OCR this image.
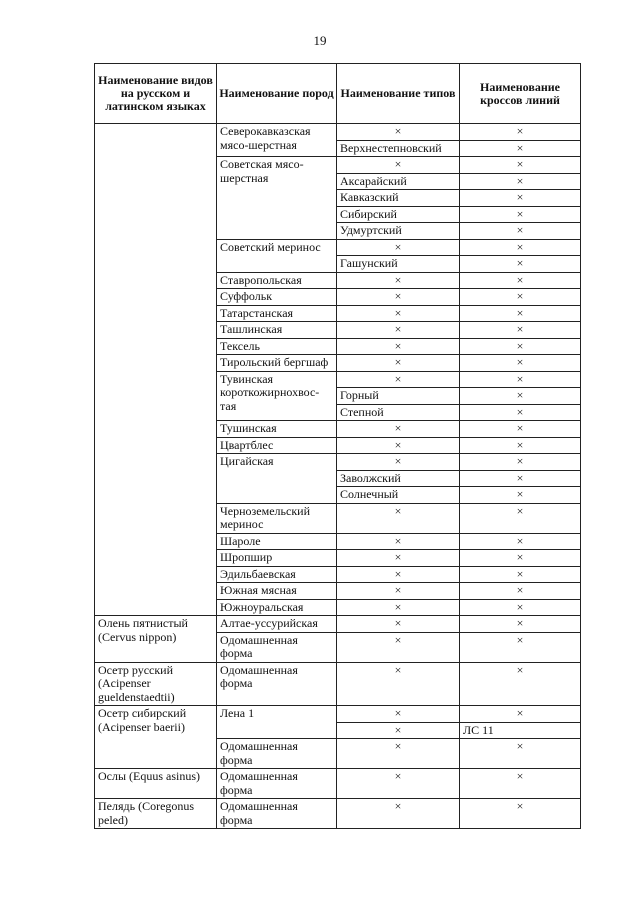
19
Наименование видов на русском и латинском языках	Наименование пород	Наименование типов	Наименование кроссов линий
	Северокавказская мясо-шерстная	×	×
		Верхнестепновский	×
	Советская мясо-шерстная	×	×
		Аксарайский	×
		Кавказский	×
		Сибирский	×
		Удмуртский	×
	Советский меринос	×	×
		Гашунский	×
	Ставропольская	×	×
	Суффольк	×	×
	Татарстанская	×	×
	Ташлинская	×	×
	Тексель	×	×
	Тирольский бергшаф	×	×
	Тувинская короткожирнохвос-тая	×	×
		Горный	×
		Степной	×
	Тушинская	×	×
	Цвартблес	×	×
	Цигайская	×	×
		Заволжский	×
		Солнечный	×
	Черноземельский меринос	×	×
	Шароле	×	×
	Шропшир	×	×
	Эдильбаевская	×	×
	Южная мясная	×	×
	Южноуральская	×	×
Олень пятнистый (Cervus nippon)	Алтае-уссурийская	×	×
	Одомашненная форма	×	×
Осетр русский (Acipenser gueldenstaedtii)	Одомашненная форма	×	×
Осетр сибирский (Acipenser baerii)	Лена 1	×	×
		×	ЛС 11
	Одомашненная форма	×	×
Ослы (Equus asinus)	Одомашненная форма	×	×
Пелядь (Coregonus peled)	Одомашненная форма	×	×
